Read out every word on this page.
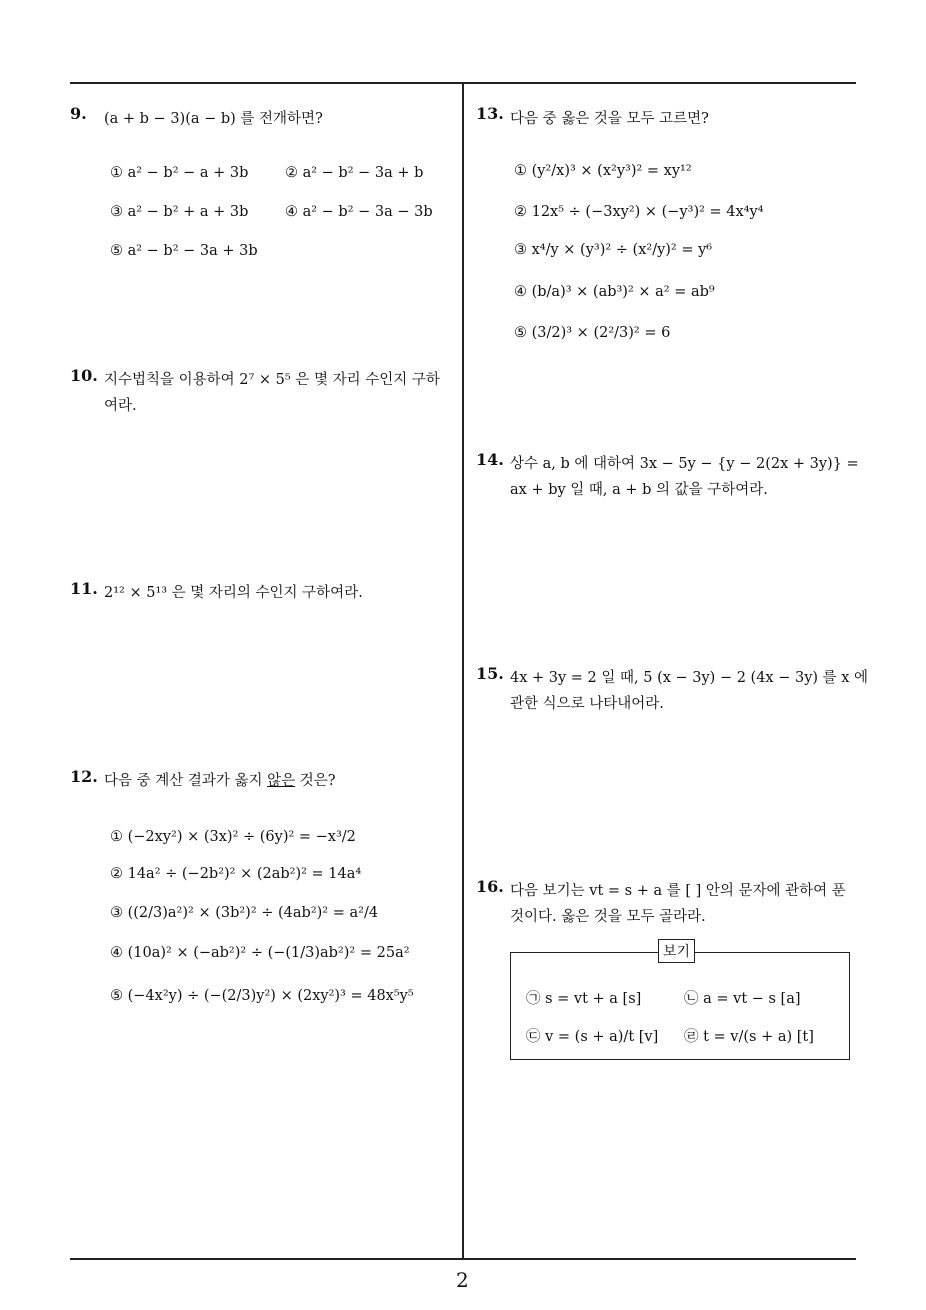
9. (a + b − 3)(a − b) 를 전개하면?
① a² − b² − a + 3b	② a² − b² − 3a + b
③ a² − b² + a + 3b	④ a² − b² − 3a − 3b
⑤ a² − b² − 3a + 3b
10. 지수법칙을 이용하여 2⁷ × 5⁵ 은 몇 자리 수인지 구하
여라.
11. 2¹² × 5¹³ 은 몇 자리의 수인지 구하여라.
12. 다음 중 계산 결과가 옳지 않은 것은?
① (−2xy²) × (3x)² ÷ (6y)² = −x³/2
② 14a² ÷ (−2b²)² × (2ab²)² = 14a⁴
③ ((2/3)a²)² × (3b²)² ÷ (4ab²)² = a²/4
④ (10a)² × (−ab²)² ÷ (−(1/3)ab²)² = 25a²
⑤ (−4x²y) ÷ (−(2/3)y²) × (2xy²)³ = 48x⁵y⁵
13. 다음 중 옳은 것을 모두 고르면?
① (y²/x)³ × (x²y³)² = xy¹²
② 12x⁵ ÷ (−3xy²) × (−y³)² = 4x⁴y⁴
③ x⁴/y × (y³)² ÷ (x²/y)² = y⁶
④ (b/a)³ × (ab³)² × a² = ab⁹
⑤ (3/2)³ × (2²/3)² = 6
14. 상수 a, b 에 대하여 3x − 5y − {y − 2(2x + 3y)} =
ax + by 일 때, a + b 의 값을 구하여라.
15. 4x + 3y = 2 일 때, 5 (x − 3y) − 2 (4x − 3y) 를 x 에
관한 식으로 나타내어라.
16. 다음 보기는 vt = s + a 를 [ ] 안의 문자에 관하여 푼
것이다. 옳은 것을 모두 골라라.
보기
㉠ s = vt + a [s]	㉡ a = vt − s [a]
㉢ v = (s + a)/t [v] ㉣ t = v/(s + a) [t]
2
